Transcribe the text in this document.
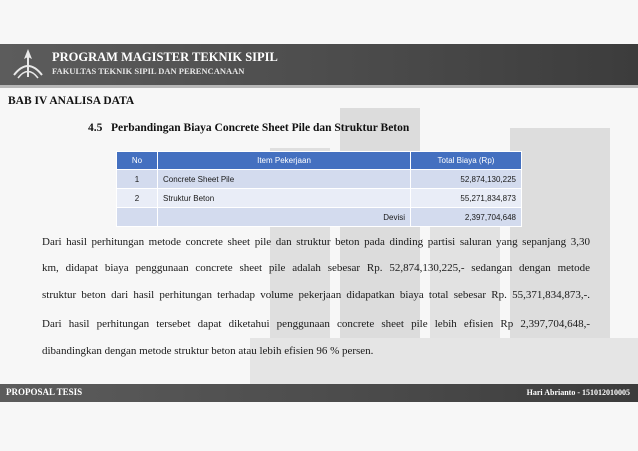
PROGRAM MAGISTER TEKNIK SIPIL
FAKULTAS TEKNIK SIPIL DAN PERENCANAAN
BAB IV ANALISA DATA
4.5 Perbandingan Biaya Concrete Sheet Pile dan Struktur Beton
No	Item Pekerjaan	Total Biaya (Rp)
1	Concrete Sheet Pile	52,874,130,225
2	Struktur Beton	55,271,834,873
	Devisi	2,397,704,648
Dari hasil perhitungan metode concrete sheet pile dan struktur beton pada dinding partisi saluran yang sepanjang 3,30
km, didapat biaya penggunaan concrete sheet pile adalah sebesar Rp. 52,874,130,225,- sedangan dengan metode
struktur beton dari hasil perhitungan terhadap volume pekerjaan didapatkan biaya total sebesar Rp. 55,371,834,873,-.
Dari hasil perhitungan tersebet dapat diketahui penggunaan concrete sheet pile lebih efisien Rp 2,397,704,648,-
dibandingkan dengan metode struktur beton atau lebih efisien 96 % persen.
PROPOSAL TESIS	Hari Abrianto - 151012010005
